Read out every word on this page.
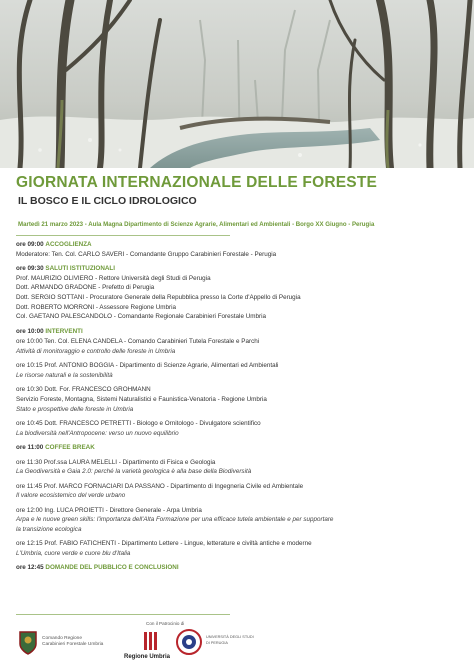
GIORNATA INTERNAZIONALE DELLE FORESTE
IL BOSCO E IL CICLO IDROLOGICO
Martedì 21 marzo 2023 - Aula Magna Dipartimento di Scienze Agrarie, Alimentari ed Ambientali - Borgo XX Giugno - Perugia
ore 09:00 ACCOGLIENZA
Moderatore: Ten. Col. CARLO SAVERI - Comandante Gruppo Carabinieri Forestale - Perugia
ore 09:30 SALUTI ISTITUZIONALI
Prof. MAURIZIO OLIVIERO - Rettore Università degli Studi di Perugia
Dott. ARMANDO GRADONE - Prefetto di Perugia
Dott. SERGIO SOTTANI - Procuratore Generale della Repubblica presso la Corte d'Appello di Perugia
Dott. ROBERTO MORRONI - Assessore Regione Umbria
Col. GAETANO PALESCANDOLO - Comandante Regionale Carabinieri Forestale Umbria
ore 10:00 INTERVENTI
ore 10:00 Ten. Col. ELENA CANDELA - Comando Carabinieri Tutela Forestale e Parchi
Attività di monitoraggio e controllo delle foreste in Umbria
ore 10:15 Prof. ANTONIO BOGGIA - Dipartimento di Scienze Agrarie, Alimentari ed Ambientali
Le risorse naturali e la sostenibilità
ore 10:30 Dott. For. FRANCESCO GROHMANN
Servizio Foreste, Montagna, Sistemi Naturalistici e Faunistica-Venatoria - Regione Umbria
Stato e prospettive delle foreste in Umbria
ore 10:45 Dott. FRANCESCO PETRETTI - Biologo e Ornitologo - Divulgatore scientifico
La biodiversità nell'Antropocene: verso un nuovo equilibrio
ore 11:00 COFFEE BREAK
ore 11:30 Prof.ssa LAURA MELELLI - Dipartimento di Fisica e Geologia
La Geodiversità e Gaia 2.0: perché la varietà geologica è alla base della Biodiversità
ore 11:45 Prof. MARCO FORNACIARI DA PASSANO - Dipartimento di Ingegneria Civile ed Ambientale
Il valore ecosistemico del verde urbano
ore 12:00 Ing. LUCA PROIETTI - Direttore Generale - Arpa Umbria
Arpa e le nuove green skills: l'importanza dell'Alta Formazione per una efficace tutela ambientale e per supportare
la transizione ecologica
ore 12:15 Prof. FABIO FATICHENTI - Dipartimento Lettere - Lingue, letterature e civiltà antiche e moderne
L'Umbria, cuore verde e cuore blu d'Italia
ore 12:45 DOMANDE DEL PUBBLICO E CONCLUSIONI
Comando Regione
Carabinieri Forestale Umbria
Con il Patrocinio di
Regione Umbria
UNIVERSITÀ DEGLI STUDI
DI PERUGIA
